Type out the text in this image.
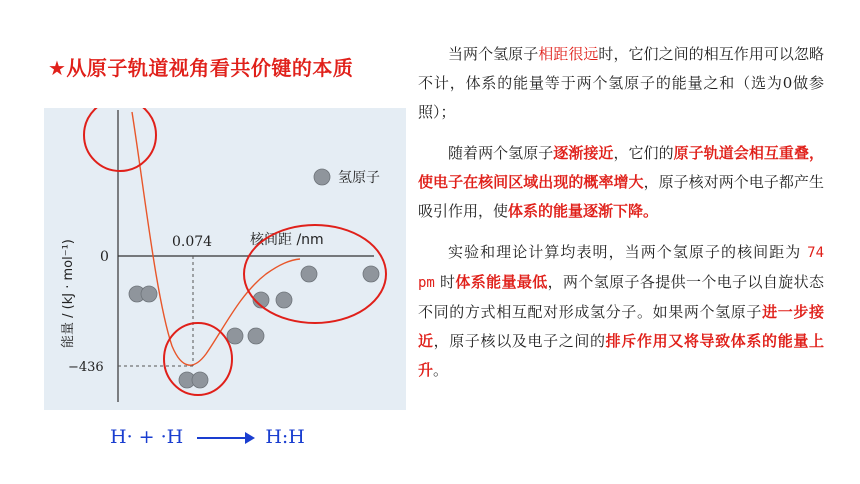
★从原子轨道视角看共价键的本质
0
−436
0.074	核间距 /nm
能量 / (kJ · mol⁻¹)
氢原子
H· + ·H → H:H

当两个氢原子相距很远时，它们之间的相互作用可以忽略不计，体系的能量等于两个氢原子的能量之和（选为0做参照）；

随着两个氢原子逐渐接近，它们的原子轨道会相互重叠，使电子在核间区域出现的概率增大，原子核对两个电子都产生吸引作用，使体系的能量逐渐下降。

实验和理论计算均表明，当两个氢原子的核间距为 74 pm 时体系能量最低，两个氢原子各提供一个电子以自旋状态不同的方式相互配对形成氢分子。如果两个氢原子进一步接近，原子核以及电子之间的排斥作用又将导致体系的能量上升。
